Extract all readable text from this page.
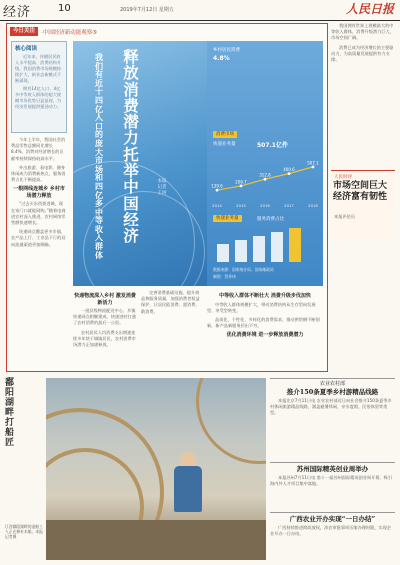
经济	10	2019年7月12日 星期五	人民日报
今日关注	·中国经济新动能观察⑤
核心阅读
近年来，伴随居民收入水平提高、消费结构升级，我国消费市场规模持续扩大，新业态新模式不断涌现。
拥有14亿人口、4亿多中等收入群体的超大规模市场优势日益显现，为经济发展提供强劲动力。
今年上半年，我国社会消费品零售总额同比增长8.4%，消费对经济增长的贡献率持续保持较高水平。
外出旅游、看电影、健身休闲成为消费新热点，服务消费占比不断提高。
一根网线连城乡 乡村市场潜力释放
“过去买东西要进城，现在家门口就能网购。”随着电商进农村深入推进，农村网络零售额快速增长。
快递网点覆盖更多乡镇，农产品上行、工业品下行的双向流通渠道更加顺畅。
我们有近十四亿人口的庞大市场和四亿多中等收入群体
释放消费潜力 托举中国经济
本报记者 王珂
乡村居民消费
4.8%
消费市场
快递业务量	507.1亿件
139.6
2014
206.7
2015
312.8
2016
400.6
2017
507.1
2018
快递业务量	服务消费占比
数据来源：国家统计局、国家邮政局
制图：蔡华伟
快递物流深入乡村 激发消费新活力
一批县级物流配送中心、乡镇快递网点相继建成，快递进村打通了农村消费的最后一公里。
农村居民人均消费支出增速连续多年快于城镇居民，农村消费市场潜力正加速释放。
完善消费基础设施，提升商品和服务质量，加强消费者权益保护，让居民能消费、愿消费、敢消费。
中等收入群体不断壮大 消费升级步伐加快
中等收入群体规模扩大，带动消费结构从生存型向发展型、享受型转变。
品质化、个性化、多样化的消费需求，推动供给侧不断创新，新产品新服务层出不穷。
优化消费环境 进一步释放消费潜力
我国拥有世界上规模最大的中等收入群体，消费升级潜力巨大，市场空间广阔。
消费已成为经济增长的主要驱动力，为高质量发展提供有力支撑。
人民时评
市场空间巨大 经济富有韧性
本报评论员
鄱阳湖畔打船匠
江西鄱阳湖畔的造船工人正在修补木船。本报记者摄
农业农村部
推介150条夏季乡村游精品线路
本报北京7月11日电 农业农村部近日向社会推介150条夏季乡村休闲旅游精品线路，涵盖避暑休闲、亲水度假、民俗体验等类型。
苏州国际精英创业周举办
本报苏州7月11日电 第十一届苏州国际精英创业周开幕，吸引海内外人才项目集中落地。
广西农业开办实现“一日办结”
广西持续推进简政放权，涉农审批事项压缩办理时限，实现企业开办一日办结。
